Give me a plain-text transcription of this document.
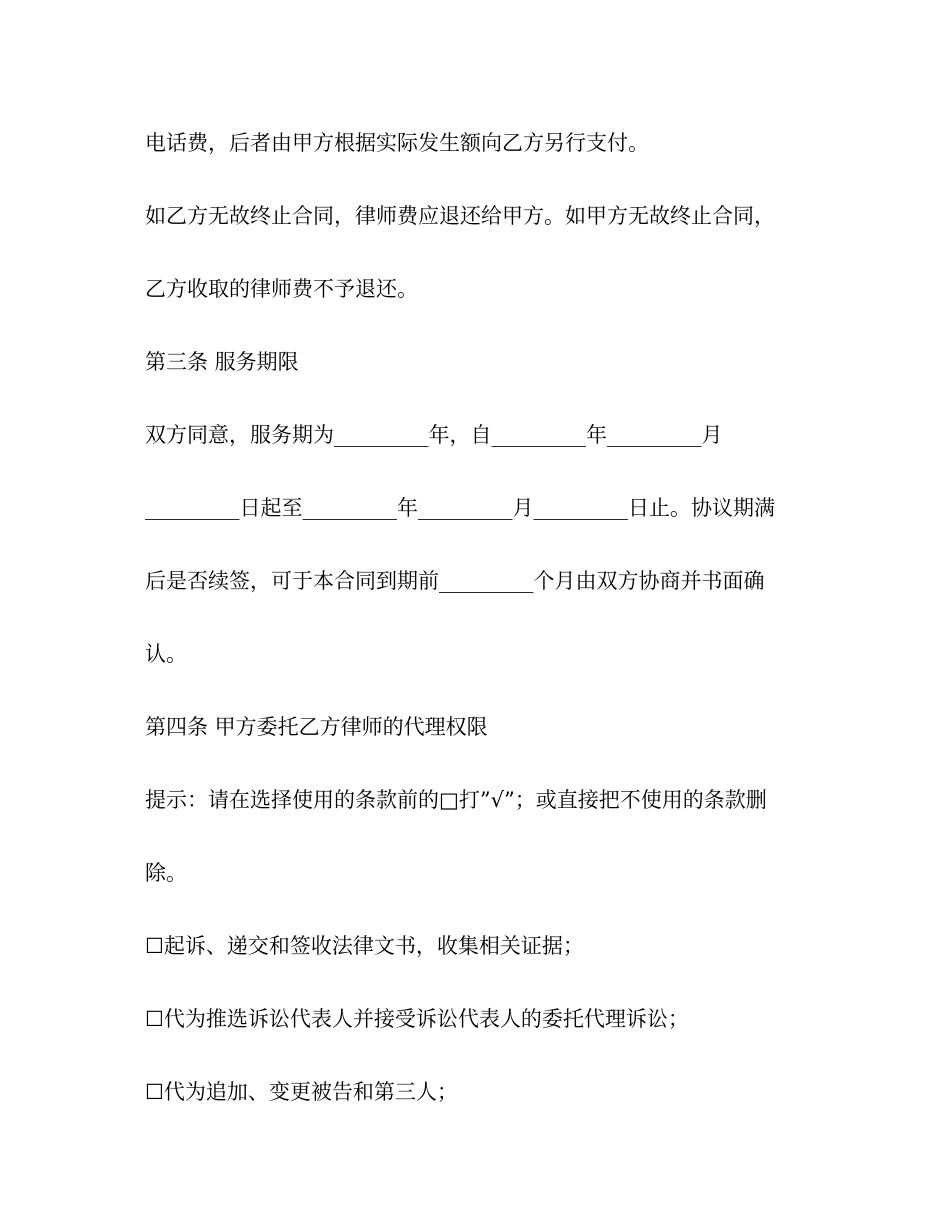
电话费，后者由甲方根据实际发生额向乙方另行支付。
如乙方无故终止合同，律师费应退还给甲方。如甲方无故终止合同，
乙方收取的律师费不予退还。
第三条 服务期限
双方同意，服务期为_________年，自_________年_________月
_________日起至_________年_________月_________日止。协议期满
后是否续签，可于本合同到期前_________个月由双方协商并书面确
认。
第四条 甲方委托乙方律师的代理权限
提示：请在选择使用的条款前的□打”√”；或直接把不使用的条款删
除。
☐起诉、递交和签收法律文书，收集相关证据；
☐代为推选诉讼代表人并接受诉讼代表人的委托代理诉讼；
☐代为追加、变更被告和第三人；
